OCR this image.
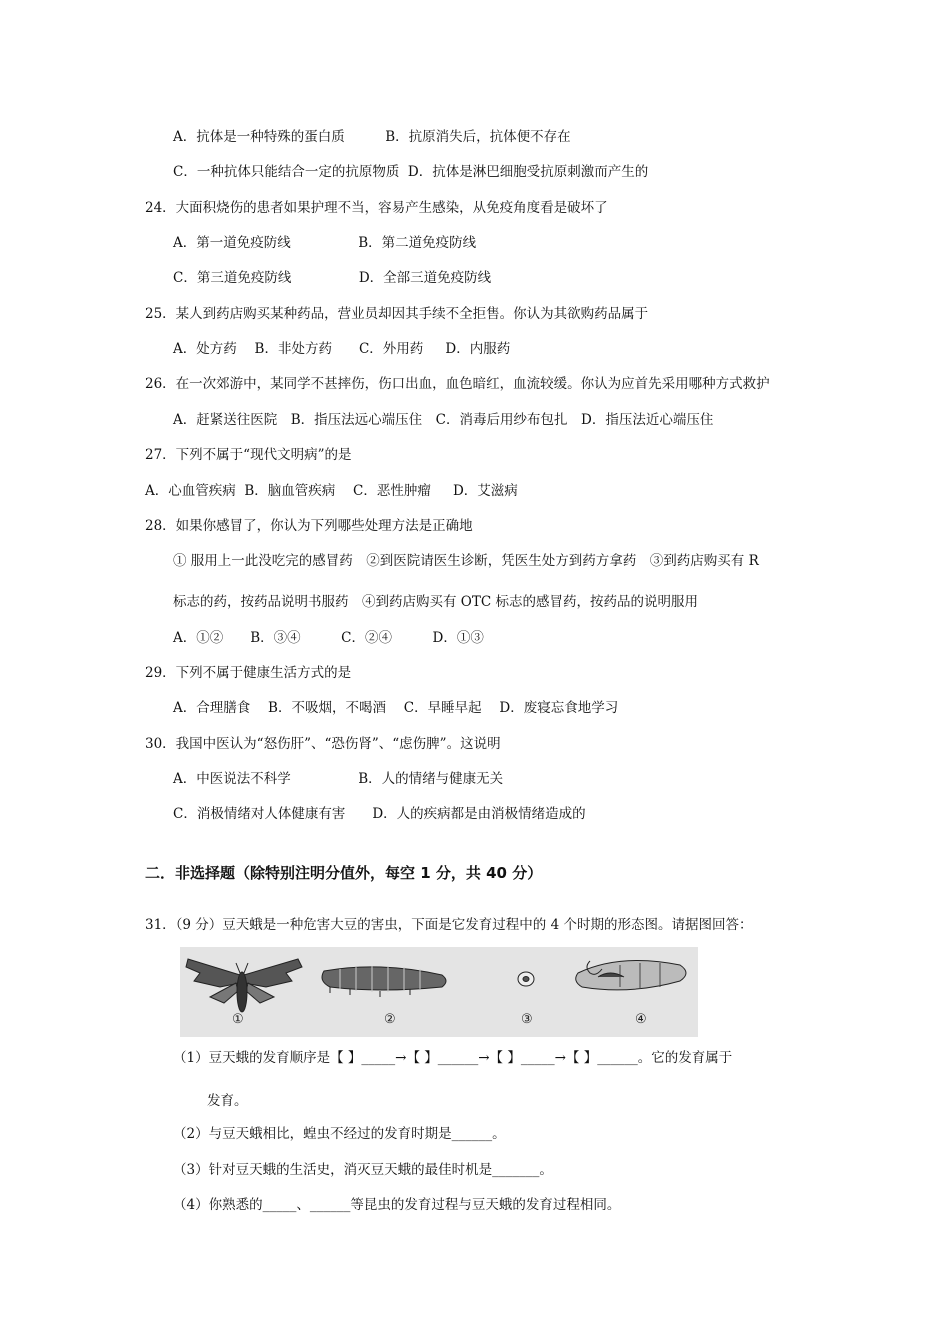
A．抗体是一种特殊的蛋白质　　　B．抗原消失后，抗体便不存在
C．一种抗体只能结合一定的抗原物质  D．抗体是淋巴细胞受抗原刺激而产生的
24．大面积烧伤的患者如果护理不当，容易产生感染，从免疫角度看是破坏了
A．第一道免疫防线　　　　　B．第二道免疫防线
C．第三道免疫防线　　　　　D．全部三道免疫防线
25．某人到药店购买某种药品，营业员却因其手续不全拒售。你认为其欲购药品属于
A．处方药　 B．非处方药　　C．外用药　  D．内服药
26．在一次郊游中，某同学不甚摔伤，伤口出血，血色暗红，血流较缓。你认为应首先采用哪种方式救护
A．赶紧送往医院　B．指压法远心端压住　C．消毒后用纱布包扎　D．指压法近心端压住
27．下列不属于“现代文明病”的是
A．心血管疾病  B．脑血管疾病 　C．恶性肿瘤　  D．艾滋病
28．如果你感冒了，你认为下列哪些处理方法是正确地
① 服用上一此没吃完的感冒药　②到医院请医生诊断，凭医生处方到药方拿药　③到药店购买有 R
标志的药，按药品说明书服药　④到药店购买有 OTC 标志的感冒药，按药品的说明服用
A．①②　　B．③④　　　C．②④　　　D．①③
29．下列不属于健康生活方式的是
A．合理膳食　 B．不吸烟，不喝酒　 C．早睡早起　 D．废寝忘食地学习
30．我国中医认为“怒伤肝”、“恐伤肾”、“虑伤脾”。这说明
A．中医说法不科学　　　　　B．人的情绪与健康无关
C．消极情绪对人体健康有害　　D．人的疾病都是由消极情绪造成的
二．非选择题（除特别注明分值外，每空 1 分，共 40 分）
31．（9 分）豆天蛾是一种危害大豆的害虫，下面是它发育过程中的 4 个时期的形态图。请据图回答：
①	②	③	④
（1）豆天蛾的发育顺序是【 】_____→【 】______→【 】_____→【 】______。它的发育属于
发育。
（2）与豆天蛾相比，蝗虫不经过的发育时期是______。
（3）针对豆天蛾的生活史，消灭豆天蛾的最佳时机是_______。
（4）你熟悉的_____、______等昆虫的发育过程与豆天蛾的发育过程相同。
